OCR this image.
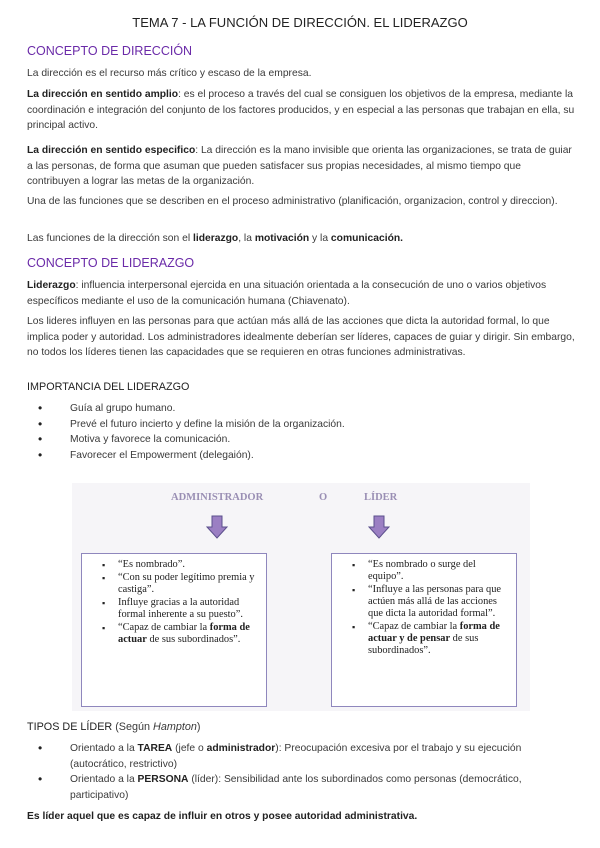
TEMA 7 - LA FUNCIÓN DE DIRECCIÓN. EL LIDERAZGO
CONCEPTO DE DIRECCIÓN
La dirección es el recurso más crítico y escaso de la empresa.
La dirección en sentido amplio: es el proceso a través del cual se consiguen los objetivos de la empresa, mediante la coordinación e integración del conjunto de los factores producidos, y en especial a las personas que trabajan en ella, su principal activo.
La dirección en sentido especifico: La dirección es la mano invisible que orienta las organizaciones, se trata de guiar a las personas, de forma que asuman que pueden satisfacer sus propias necesidades, al mismo tiempo que contribuyen a lograr las metas de la organización.
Una de las funciones que se describen en el proceso administrativo (planificación, organizacion, control y direccion).
Las funciones de la dirección son el liderazgo, la motivación y la comunicación.
CONCEPTO DE LIDERAZGO
Liderazgo: influencia interpersonal ejercida en una situación orientada a la consecución de uno o varios objetivos específicos mediante el uso de la comunicación humana (Chiavenato).
Los lideres influyen en las personas para que actúan más allá de las acciones que dicta la autoridad formal, lo que implica poder y autoridad. Los administradores idealmente deberían ser líderes, capaces de guiar y dirigir. Sin embargo, no todos los líderes tienen las capacidades que se requieren en otras funciones administrativas.
IMPORTANCIA DEL LIDERAZGO
• Guía al grupo humano.
• Prevé el futuro incierto y define la misión de la organización.
• Motiva y favorece la comunicación.
• Favorecer el Empowerment (delegaión).
ADMINISTRADOR	O	LÍDER
▪ “Es nombrado”.
▪ “Con su poder legítimo premia y castiga”.
▪ Influye gracias a la autoridad formal inherente a su puesto”.
▪ “Capaz de cambiar la forma de actuar de sus subordinados”.
▪ “Es nombrado o surge del equipo”.
▪ “Influye a las personas para que actúen más allá de las acciones que dicta la autoridad formal”.
▪ “Capaz de cambiar la forma de actuar y de pensar de sus subordinados”.
TIPOS DE LÍDER (Según Hampton)
• Orientado a la TAREA (jefe o administrador): Preocupación excesiva por el trabajo y su ejecución (autocrático, restrictivo)
• Orientado a la PERSONA (líder): Sensibilidad ante los subordinados como personas (democrático, participativo)
Es líder aquel que es capaz de influir en otros y posee autoridad administrativa.
